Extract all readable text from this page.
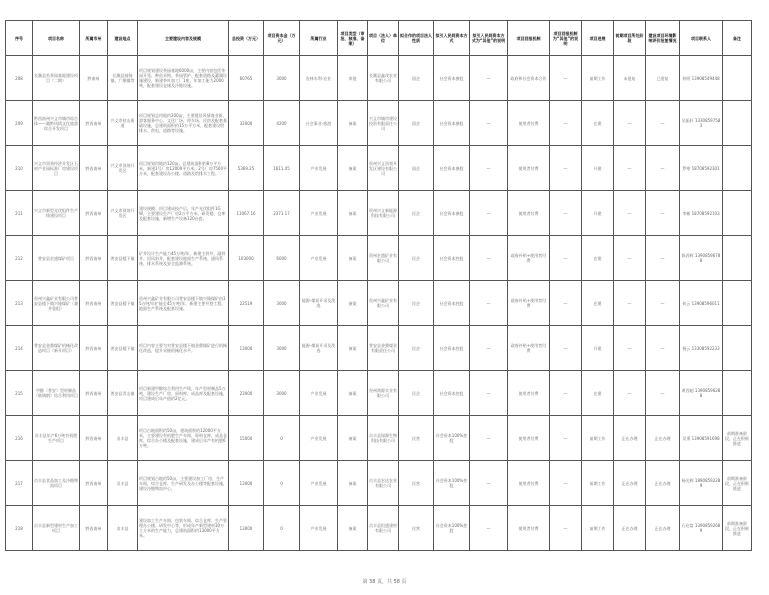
序号	项目名称	所属市州	建设地点	主要建设内容及规模	总投资（万元）	项目资本金（万元）	所属行业	项目类型（审批、核准、备案）	项目（法人）单位	拟合作的项目法人性质	拟引入民间资本方式	拟引入民间资本方式为“其他”的说明	项目回报机制	项目回报机制为“其他”的说明	项目进展	前期项目所处阶段	建设项目环境影响评价批复情况	项目联系人	备注
208	长顺县苔茶园基地建设项目（二期）	黔南州	长顺县鼓扬镇、广顺镇等	项目规划建设茶园基地6000亩，主要内容包括茶园开垦、种苗采购、茶园管护、配套道路及灌溉设施建设，新建茶叶加工厂1座，年加工能力2000吨，配套建设仓储及冷链设施。	60765	3000	农林水利-农业	审批	长顺县鑫茂农业有限公司	国企	社会资本参股	—	政府和社会资本合作	—	前期工作	未批复	已批复	何明 13908549448	
209	黔西南州兴义市城市综合体——湘黔风情文化旅游综合开发项目	黔西南州	兴义市桔山街道	项目规划总用地约200亩，主要建设风情商业街、游客服务中心、文化广场、停车场、民宿及配套基础设施，总建筑面积约15万平方米，配套建设给排水、供电、道路等设施。	32000	4200	社会事业-旅游	备案	兴义市城市建设投资有限责任公司	国企	社会资本参股	—	使用者付费	—	在建	—	—	吴振轩 13308597583	
210	兴义市顶效经济开发区石材产业园标准厂房建设项目	黔西南州	兴义市顶效开发区	项目规划用地约120亩，总建筑面积约8万平方米，新建1号厂房12000平方米，2号厂房7500平方米，配套建设办公楼、道路及给排水工程。	5369.25	1611.45	产业发展	备案	贵州兴义顶效开发区建设有限公司	国企	社会资本参股	—	使用者付费	—	开建	—	—	罗寒 18708592301	
211	兴义市新型光伏组件生产线建设项目	黔西南州	兴义市顶效开发区	建设规模：项目建成投产后，年产光伏组件1GW，主要建设生产厂房2万平方米、研发楼、仓库及配套设施，新增生产设备120台套。	11067.16	2371.17	产业发展	备案	贵州兴义新能源科技有限公司	民企	社会资本参股	—	使用者付费	—	开建	—	—	李彬 18708592103	
212	普安县宏盛煤矿项目	黔西南州	普安县楼下镇	矿井设计生产能力45万吨/年，新建主斜井、副斜井、回风斜井，配套建设地面生产系统、通风系统、排水系统及安全监测系统。	103000	6000	产业发展	备案	贵州宏盛矿业有限公司	民企	社会资本控股	—	政府补贴+使用者付费	—	在建	—	—	陈西辉 13908596788	
213	贵州兴鑫矿业有限公司普安县楼下镇兴隆煤矿（兼并重组）	黔西南州	普安县楼下镇	贵州兴鑫矿业有限公司普安县楼下镇兴隆煤矿由15万吨/年扩能至45万吨/年，新建主要井巷工程、地面生产系统及配套设施。	22519	3000	能源-煤炭开采及洗选	备案	贵州兴鑫矿业有限公司	民企	社会资本控股	—	政府补贴+使用者付费	—	在建	—	—	何云 13908596011	
214	普安县金鼎煤矿机械化改造项目（新开项目）	黔西南州	普安县楼下镇	项目内容主要为对普安县楼下镇金鼎煤矿进行机械化改造，提升采掘机械化水平。	13000	3000	能源-煤炭开采及洗选	备案	普安县金鼎煤业有限责任公司	民企	社会资本控股	—	政府补贴+使用者付费	—	开建	—	—	杨云 13308592233	
215	甲醇（普安）型材制品（玻璃钢）综合利用项目	黔西南州	普安县青山镇	项目新建甲醇综合利用生产线，年产型材制品5万吨，建设生产厂房、原料库、成品库及配套设施，项目建成后年产值约2亿元。	23000	3000	产业发展	备案	贵州鸿源实业有限公司	民企	社会资本控股	—	使用者付费	—	在建	—	—	黄西超 13908596288	
216	贞丰县年产6万吨有机肥生产项目	黔西南州	贞丰县	项目占地面积约50亩，建筑面积约12000平方米，主要建设有机肥生产车间、原料仓库、成品仓库、综合办公楼及配套设施，建成后年产有机肥6万吨。	15000	0	产业发展	备案	贞丰县绿源生物科技有限公司	民营	社会资本100%控股	—	使用者付费	—	前期工作	正在办理	正在办理	吴勇 13908591698	前期准备阶段，正在积极推进
217	贞丰县食品加工及冷链物流项目	黔西南州	贞丰县	项目规划占地约50亩，主要建设加工厂房、生产车间、综合仓库、生产研发及办公楼等配套设施，建设冷链物流中心。	13000	0	产业发展	备案	贞丰县宏达农业有限公司	民营	社会资本100%控股	—	使用者付费	—	前期工作	正在办理	正在办理	杨光辉 18908592289	前期准备阶段，正在积极推进
218	贞丰县新型建材生产加工项目	黔西南州	贞丰县	建设加工生产车间、包装车间、综合仓库、生产管理办公楼、研发中心等，形成年产新型建材30万立方米的生产能力，总建筑面积约13000平方米。	13000	0	产业发展	备案	贞丰县恒盛建材有限公司	民营	社会资本100%控股	—	使用者付费	—	前期工作	正在办理	正在办理	石启富 13908592689	前期准备阶段，正在积极推进
第 38 页，共 58 页
